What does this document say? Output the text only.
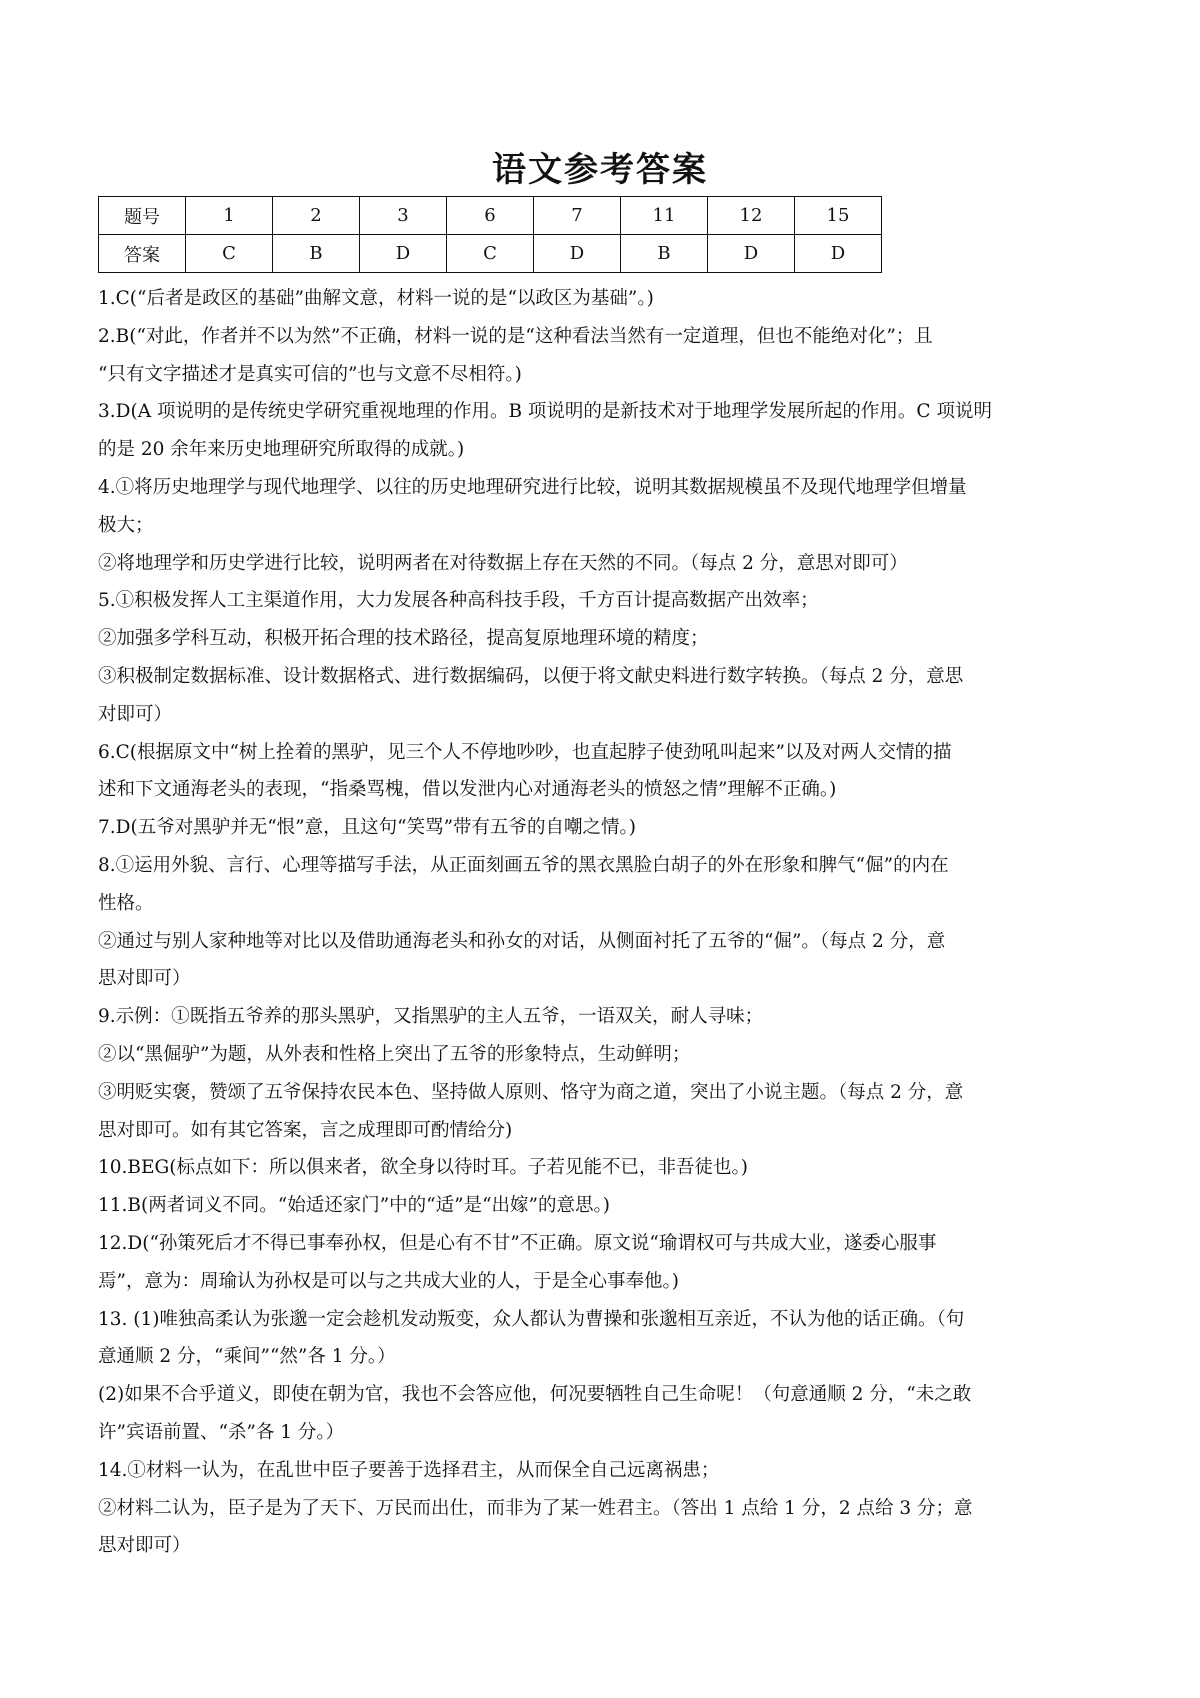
语文参考答案
题号	1	2	3	6	7	11	12	15
答案	C	B	D	C	D	B	D	D

1.C(“后者是政区的基础”曲解文意，材料一说的是“以政区为基础”。)

2.B(“对此，作者并不以为然”不正确，材料一说的是“这种看法当然有一定道理，但也不能绝对化”；且

“只有文字描述才是真实可信的”也与文意不尽相符。)

3.D(A 项说明的是传统史学研究重视地理的作用。B 项说明的是新技术对于地理学发展所起的作用。C 项说明

的是 20 余年来历史地理研究所取得的成就。)

4.①将历史地理学与现代地理学、以往的历史地理研究进行比较，说明其数据规模虽不及现代地理学但增量

极大；

②将地理学和历史学进行比较，说明两者在对待数据上存在天然的不同。（每点 2 分，意思对即可）

5.①积极发挥人工主渠道作用，大力发展各种高科技手段，千方百计提高数据产出效率；

②加强多学科互动，积极开拓合理的技术路径，提高复原地理环境的精度；

③积极制定数据标准、设计数据格式、进行数据编码，以便于将文献史料进行数字转换。（每点 2 分，意思

对即可）

6.C(根据原文中“树上拴着的黑驴，见三个人不停地吵吵，也直起脖子使劲吼叫起来”以及对两人交情的描

述和下文通海老头的表现，“指桑骂槐，借以发泄内心对通海老头的愤怒之情”理解不正确。)

7.D(五爷对黑驴并无“恨”意，且这句“笑骂”带有五爷的自嘲之情。)

8.①运用外貌、言行、心理等描写手法，从正面刻画五爷的黑衣黑脸白胡子的外在形象和脾气“倔”的内在

性格。

②通过与别人家种地等对比以及借助通海老头和孙女的对话，从侧面衬托了五爷的“倔”。（每点 2 分，意

思对即可）

9.示例：①既指五爷养的那头黑驴，又指黑驴的主人五爷，一语双关，耐人寻味；

②以“黑倔驴”为题，从外表和性格上突出了五爷的形象特点，生动鲜明；

③明贬实褒，赞颂了五爷保持农民本色、坚持做人原则、恪守为商之道，突出了小说主题。（每点 2 分，意

思对即可。如有其它答案，言之成理即可酌情给分)

10.BEG(标点如下：所以俱来者，欲全身以待时耳。子若见能不已，非吾徒也。)

11.B(两者词义不同。“始适还家门”中的“适”是“出嫁”的意思。)

12.D(“孙策死后才不得已事奉孙权，但是心有不甘”不正确。原文说“瑜谓权可与共成大业，遂委心服事

焉”，意为：周瑜认为孙权是可以与之共成大业的人，于是全心事奉他。)

13. (1)唯独高柔认为张邈一定会趁机发动叛变，众人都认为曹操和张邈相互亲近，不认为他的话正确。（句

意通顺 2 分，“乘间”“然”各 1 分。）

(2)如果不合乎道义，即使在朝为官，我也不会答应他，何况要牺牲自己生命呢！（句意通顺 2 分，“未之敢

许”宾语前置、“杀”各 1 分。）

14.①材料一认为，在乱世中臣子要善于选择君主，从而保全自己远离祸患；

②材料二认为，臣子是为了天下、万民而出仕，而非为了某一姓君主。（答出 1 点给 1 分，2 点给 3 分；意

思对即可）
